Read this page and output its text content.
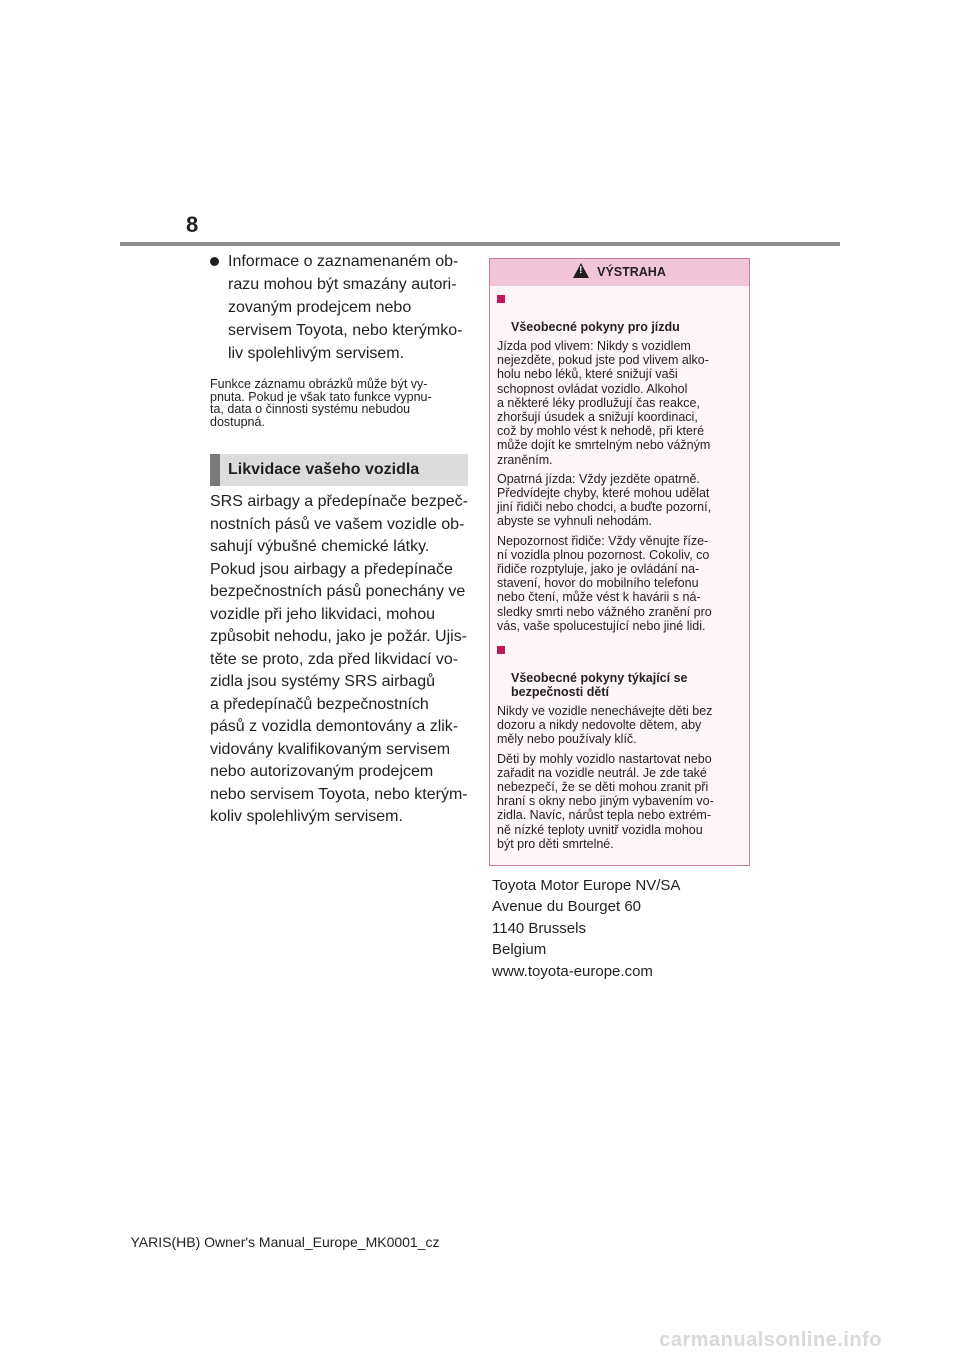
8
Informace o zaznamenaném ob-
razu mohou být smazány autori-
zovaným prodejcem nebo
servisem Toyota, nebo kterýmko-
liv spolehlivým servisem.
Funkce záznamu obrázků může být vy-
pnuta. Pokud je však tato funkce vypnu-
ta, data o činnosti systému nebudou
dostupná.
Likvidace vašeho vozidla
SRS airbagy a předepínače bezpeč-
nostních pásů ve vašem vozidle ob-
sahují výbušné chemické látky.
Pokud jsou airbagy a předepínače
bezpečnostních pásů ponechány ve
vozidle při jeho likvidaci, mohou
způsobit nehodu, jako je požár. Ujis-
těte se proto, zda před likvidací vo-
zidla jsou systémy SRS airbagů
a předepínačů bezpečnostních
pásů z vozidla demontovány a zlik-
vidovány kvalifikovaným servisem
nebo autorizovaným prodejcem
nebo servisem Toyota, nebo kterým-
koliv spolehlivým servisem.
! VÝSTRAHA

Všeobecné pokyny pro jízdu

Jízda pod vlivem: Nikdy s vozidlem
nejezděte, pokud jste pod vlivem alko-
holu nebo léků, které snižují vaši
schopnost ovládat vozidlo. Alkohol
a některé léky prodlužují čas reakce,
zhoršují úsudek a snižují koordinaci,
což by mohlo vést k nehodě, při které
může dojít ke smrtelným nebo vážným
zraněním.
Opatrná jízda: Vždy jezděte opatrně.
Předvídejte chyby, které mohou udělat
jiní řidiči nebo chodci, a buďte pozorní,
abyste se vyhnuli nehodám.
Nepozornost řidiče: Vždy věnujte říze-
ní vozidla plnou pozornost. Cokoliv, co
řidiče rozptyluje, jako je ovládání na-
stavení, hovor do mobilního telefonu
nebo čtení, může vést k havárii s ná-
sledky smrti nebo vážného zranění pro
vás, vaše spolucestující nebo jiné lidi.

Všeobecné pokyny týkající se
bezpečnosti dětí

Nikdy ve vozidle nenechávejte děti bez
dozoru a nikdy nedovolte dětem, aby
měly nebo používaly klíč.
Děti by mohly vozidlo nastartovat nebo
zařadit na vozidle neutrál. Je zde také
nebezpečí, že se děti mohou zranit při
hraní s okny nebo jiným vybavením vo-
zidla. Navíc, nárůst tepla nebo extrém-
ně nízké teploty uvnitř vozidla mohou
být pro děti smrtelné.
Toyota Motor Europe NV/SA
Avenue du Bourget 60
1140 Brussels
Belgium
www.toyota-europe.com
YARIS(HB) Owner's Manual_Europe_MK0001_cz
carmanualsonline.info
